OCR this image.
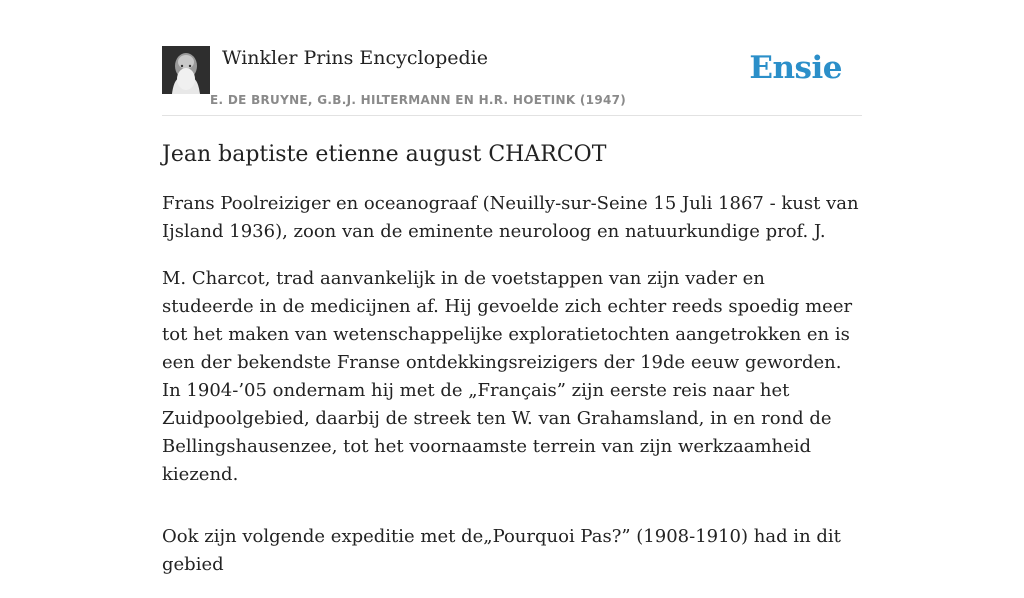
Winkler Prins Encyclopedie
E. DE BRUYNE, G.B.J. HILTERMANN EN H.R. HOETINK (1947)
Ensie
Jean baptiste etienne august CHARCOT

Frans Poolreiziger en oceanograaf (Neuilly-sur-Seine 15 Juli 1867 - kust van Ijsland 1936), zoon van de eminente neuroloog en natuurkundige prof. J.

M. Charcot, trad aanvankelijk in de voetstappen van zijn vader en studeerde in de medicijnen af. Hij gevoelde zich echter reeds spoedig meer tot het maken van wetenschappelijke exploratietochten aangetrokken en is een der bekendste Franse ontdekkingsreizigers der 19de eeuw geworden. In 1904-’05 ondernam hij met de „Français” zijn eerste reis naar het Zuidpoolgebied, daarbij de streek ten W. van Grahamsland, in en rond de Bellingshausenzee, tot het voornaamste terrein van zijn werkzaamheid kiezend.

Ook zijn volgende expeditie met de„Pourquoi Pas?” (1908-1910) had in dit gebied
